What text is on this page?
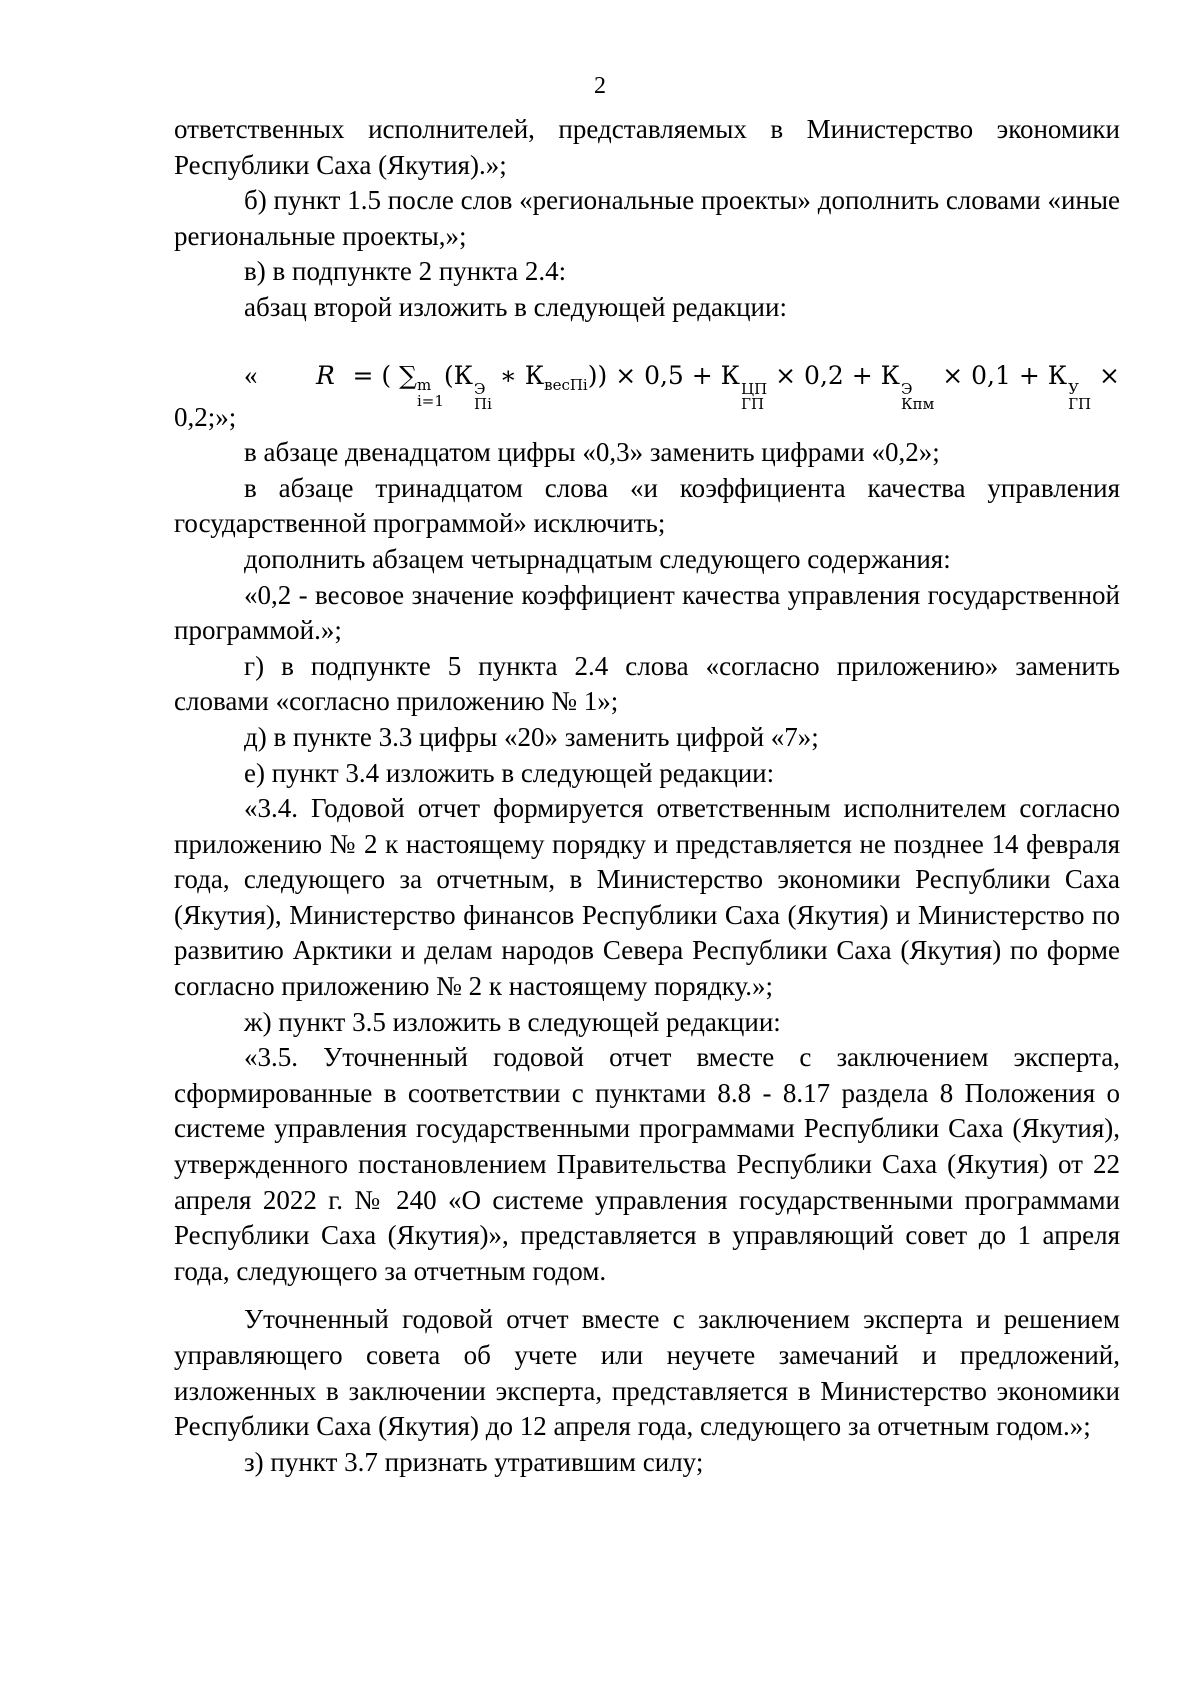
2

ответственных исполнителей, представляемых в Министерство экономики Республики Саха (Якутия).»;

б) пункт 1.5 после слов «региональные проекты» дополнить словами «иные региональные проекты,»;

в) в подпункте 2 пункта 2.4:

абзац второй изложить в следующей редакции:

« R = ( ∑ m
i=1
(К Э
Пi
∗ $К_{весПi})) \times 0,5 + К$ ЦП
ГП
× 0,2 + К Э
Кпм
× 0,1 + К У
ГП
×

0,2;»;

в абзаце двенадцатом цифры «0,3» заменить цифрами «0,2»;

в абзаце тринадцатом слова «и коэффициента качества управления государственной программой» исключить;

дополнить абзацем четырнадцатым следующего содержания:

«0,2 - весовое значение коэффициент качества управления государственной программой.»;

г) в подпункте 5 пункта 2.4 слова «согласно приложению» заменить словами «согласно приложению № 1»;

д) в пункте 3.3 цифры «20» заменить цифрой «7»;

е) пункт 3.4 изложить в следующей редакции:

«3.4. Годовой отчет формируется ответственным исполнителем согласно приложению № 2 к настоящему порядку и представляется не позднее 14 февраля года, следующего за отчетным, в Министерство экономики Республики Саха (Якутия), Министерство финансов Республики Саха (Якутия) и Министерство по развитию Арктики и делам народов Севера Республики Саха (Якутия) по форме согласно приложению № 2 к настоящему порядку.»;

ж) пункт 3.5 изложить в следующей редакции:

«3.5. Уточненный годовой отчет вместе с заключением эксперта, сформированные в соответствии с пунктами 8.8 - 8.17 раздела 8 Положения о системе управления государственными программами Республики Саха (Якутия), утвержденного постановлением Правительства Республики Саха (Якутия) от 22 апреля 2022 г. № 240 «О системе управления государственными программами Республики Саха (Якутия)», представляется в управляющий совет до 1 апреля года, следующего за отчетным годом.

Уточненный годовой отчет вместе с заключением эксперта и решением управляющего совета об учете или неучете замечаний и предложений, изложенных в заключении эксперта, представляется в Министерство экономики Республики Саха (Якутия) до 12 апреля года, следующего за отчетным годом.»;

з) пункт 3.7 признать утратившим силу;
